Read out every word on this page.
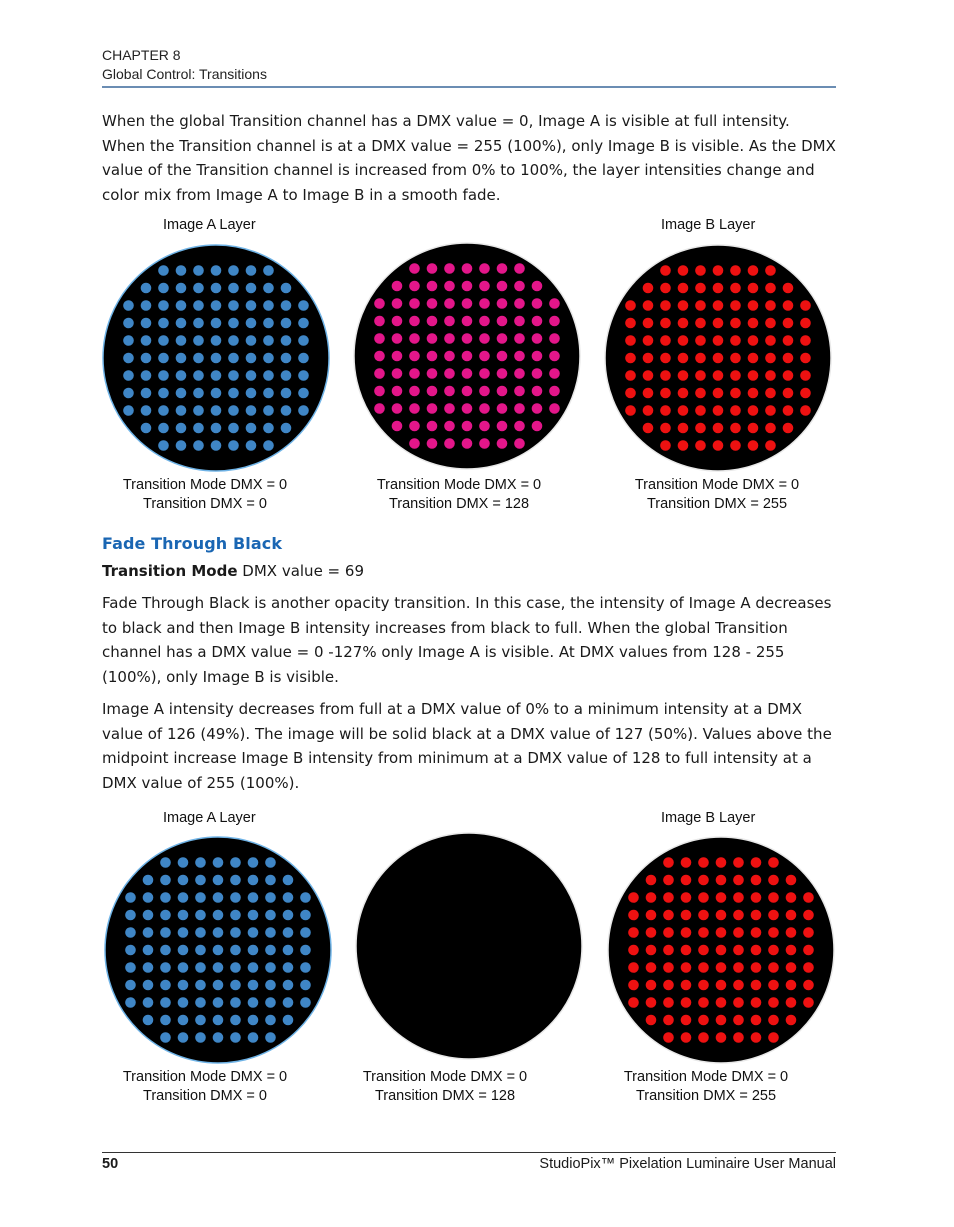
CHAPTER 8
Global Control: Transitions

When the global Transition channel has a DMX value = 0, Image A is visible at full intensity. When the Transition channel is at a DMX value = 255 (100%), only Image B is visible. As the DMX value of the Transition channel is increased from 0% to 100%, the layer intensities change and color mix from Image A to Image B in a smooth fade.

Image A Layer	Image B Layer
Transition Mode DMX = 0
Transition DMX = 0
Transition Mode DMX = 0
Transition DMX = 128
Transition Mode DMX = 0
Transition DMX = 255
Fade Through Black

Transition Mode DMX value = 69

Fade Through Black is another opacity transition. In this case, the intensity of Image A decreases to black and then Image B intensity increases from black to full. When the global Transition channel has a DMX value = 0 -127% only Image A is visible. At DMX values from 128 - 255 (100%), only Image B is visible.

Image A intensity decreases from full at a DMX value of 0% to a minimum intensity at a DMX value of 126 (49%). The image will be solid black at a DMX value of 127 (50%). Values above the midpoint increase Image B intensity from minimum at a DMX value of 128 to full intensity at a DMX value of 255 (100%).

Image A Layer	Image B Layer
Transition Mode DMX = 0
Transition DMX = 0
Transition Mode DMX = 0
Transition DMX = 128
Transition Mode DMX = 0
Transition DMX = 255
50	StudioPix™ Pixelation Luminaire User Manual
